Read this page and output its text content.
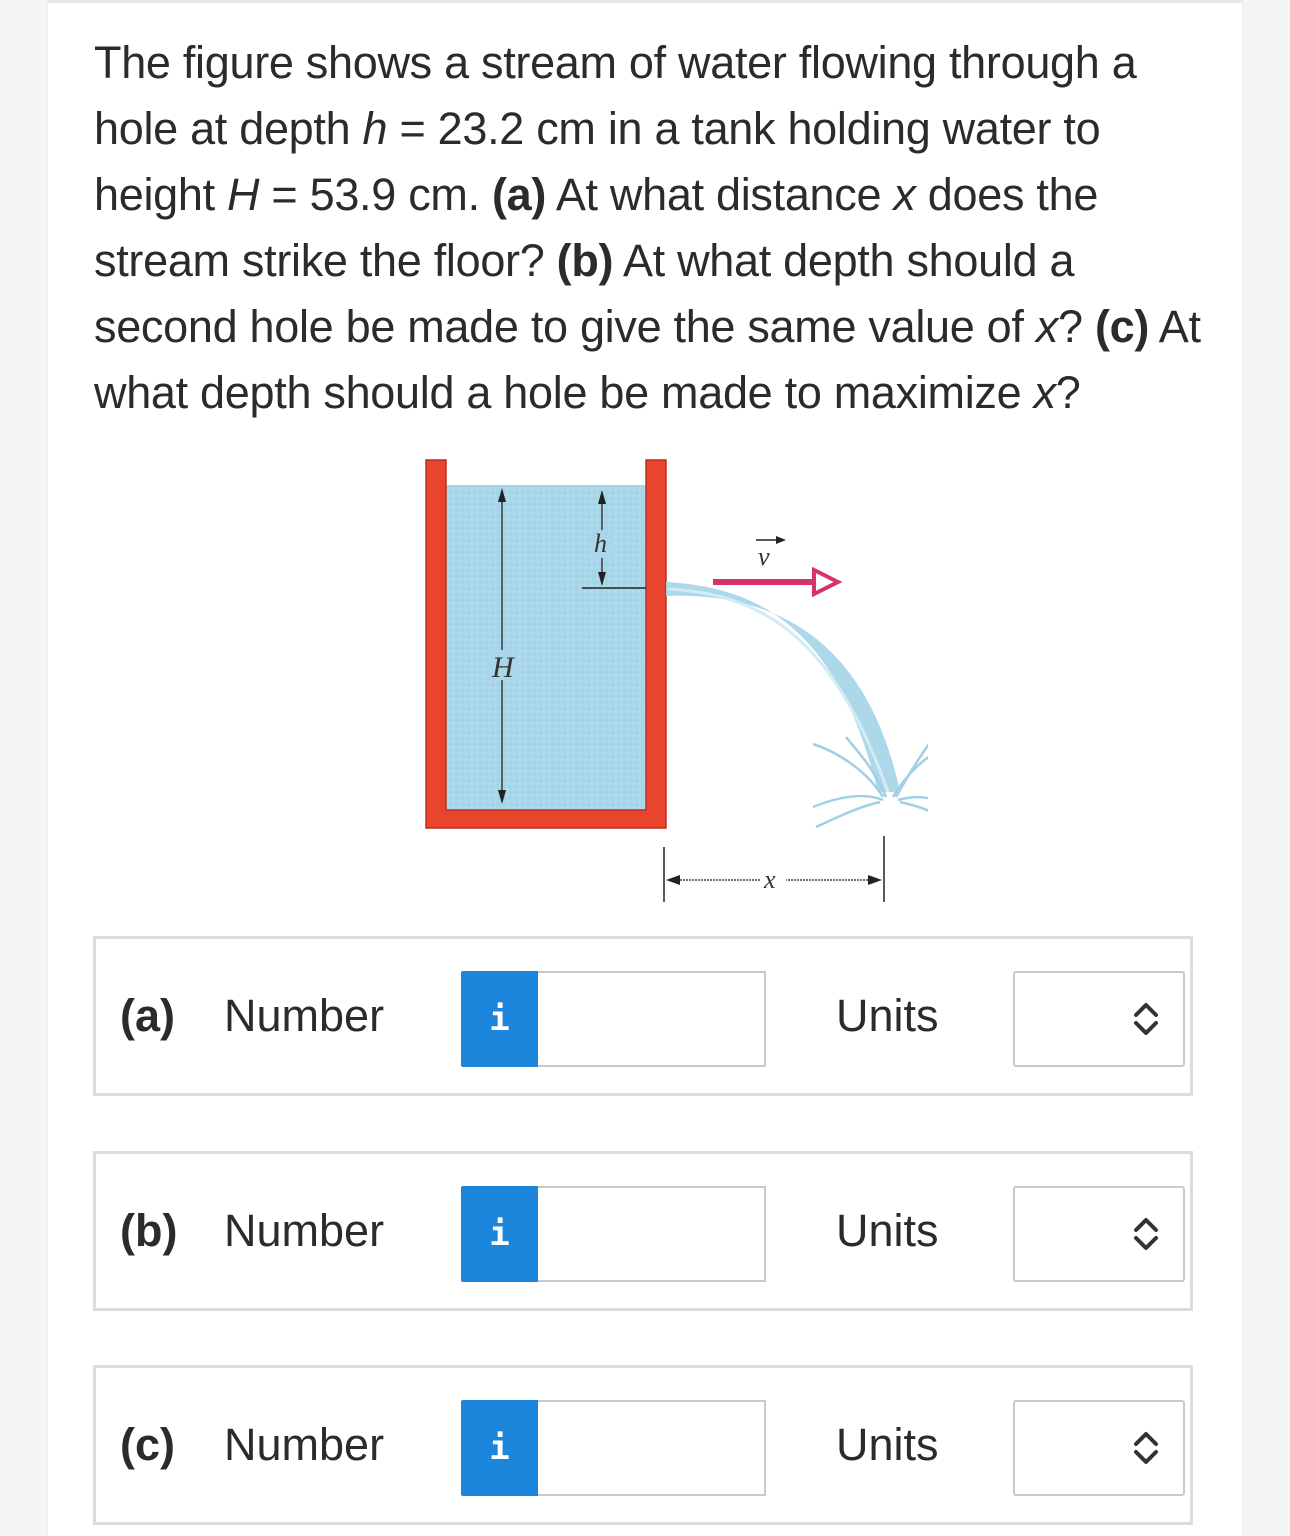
The figure shows a stream of water flowing through a hole at depth h = 23.2 cm in a tank holding water to height H = 53.9 cm. (a) At what distance x does the stream strike the floor? (b) At what depth should a second hole be made to give the same value of x? (c) At what depth should a hole be made to maximize x?
H
h	v
x
(a) Number	i	Units
(b) Number	i	Units
(c) Number	i	Units
